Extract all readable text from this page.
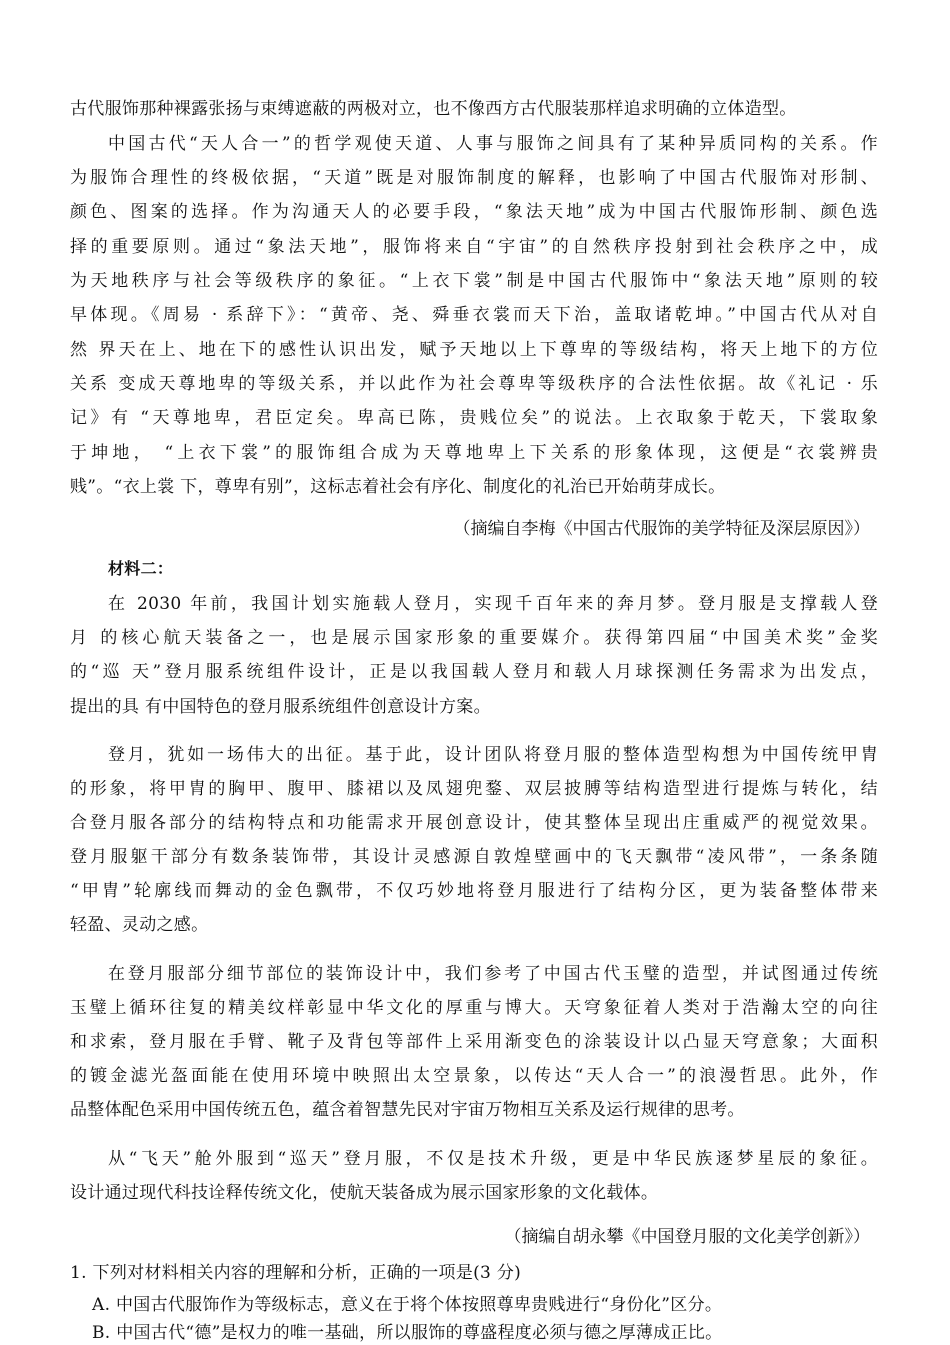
古代服饰那种裸露张扬与束缚遮蔽的两极对立，也不像西方古代服装那样追求明确的立体造型。
中国古代“天人合一”的哲学观使天道、人事与服饰之间具有了某种异质同构的关系。作
为服饰合理性的终极依据，“天道”既是对服饰制度的解释，也影响了中国古代服饰对形制、
颜色、图案的选择。作为沟通天人的必要手段，“象法天地”成为中国古代服饰形制、颜色选
择的重要原则。通过“象法天地”，服饰将来自“宇宙”的自然秩序投射到社会秩序之中，成
为天地秩序与社会等级秩序的象征。“上衣下裳”制是中国古代服饰中“象法天地”原则的较
早体现。《周易 · 系辞下》：“黄帝、尧、舜垂衣裳而天下治，盖取诸乾坤。”中国古代从对自
然 界天在上、地在下的感性认识出发，赋予天地以上下尊卑的等级结构，将天上地下的方位
关系 变成天尊地卑的等级关系，并以此作为社会尊卑等级秩序的合法性依据。故《礼记 · 乐
记》有 “天尊地卑，君臣定矣。卑高已陈，贵贱位矣”的说法。上衣取象于乾天，下裳取象
于坤地， “上衣下裳”的服饰组合成为天尊地卑上下关系的形象体现，这便是“衣裳辨贵
贱”。“衣上裳 下，尊卑有别”，这标志着社会有序化、制度化的礼治已开始萌芽成长。
（摘编自李梅《中国古代服饰的美学特征及深层原因》）
材料二：
在 2030 年前，我国计划实施载人登月，实现千百年来的奔月梦。登月服是支撑载人登
月 的核心航天装备之一，也是展示国家形象的重要媒介。获得第四届“中国美术奖”金奖
的“巡 天”登月服系统组件设计，正是以我国载人登月和载人月球探测任务需求为出发点，
提出的具 有中国特色的登月服系统组件创意设计方案。
登月，犹如一场伟大的出征。基于此，设计团队将登月服的整体造型构想为中国传统甲胄
的形象，将甲胄的胸甲、腹甲、膝裙以及凤翅兜鍪、双层披膊等结构造型进行提炼与转化，结
合登月服各部分的结构特点和功能需求开展创意设计，使其整体呈现出庄重威严的视觉效果。
登月服躯干部分有数条装饰带，其设计灵感源自敦煌壁画中的飞天飘带“凌风带”，一条条随
“甲胄”轮廓线而舞动的金色飘带，不仅巧妙地将登月服进行了结构分区，更为装备整体带来
轻盈、灵动之感。
在登月服部分细节部位的装饰设计中，我们参考了中国古代玉璧的造型，并试图通过传统
玉璧上循环往复的精美纹样彰显中华文化的厚重与博大。天穹象征着人类对于浩瀚太空的向往
和求索，登月服在手臂、靴子及背包等部件上采用渐变色的涂装设计以凸显天穹意象；大面积
的镀金滤光盔面能在使用环境中映照出太空景象，以传达“天人合一”的浪漫哲思。此外，作
品整体配色采用中国传统五色，蕴含着智慧先民对宇宙万物相互关系及运行规律的思考。
从“飞天”舱外服到“巡天”登月服，不仅是技术升级，更是中华民族逐梦星辰的象征。
设计通过现代科技诠释传统文化，使航天装备成为展示国家形象的文化载体。
（摘编自胡永攀《中国登月服的文化美学创新》）
1. 下列对材料相关内容的理解和分析，正确的一项是(3 分)
A. 中国古代服饰作为等级标志，意义在于将个体按照尊卑贵贱进行“身份化”区分。
B. 中国古代“德”是权力的唯一基础，所以服饰的尊盛程度必须与德之厚薄成正比。
